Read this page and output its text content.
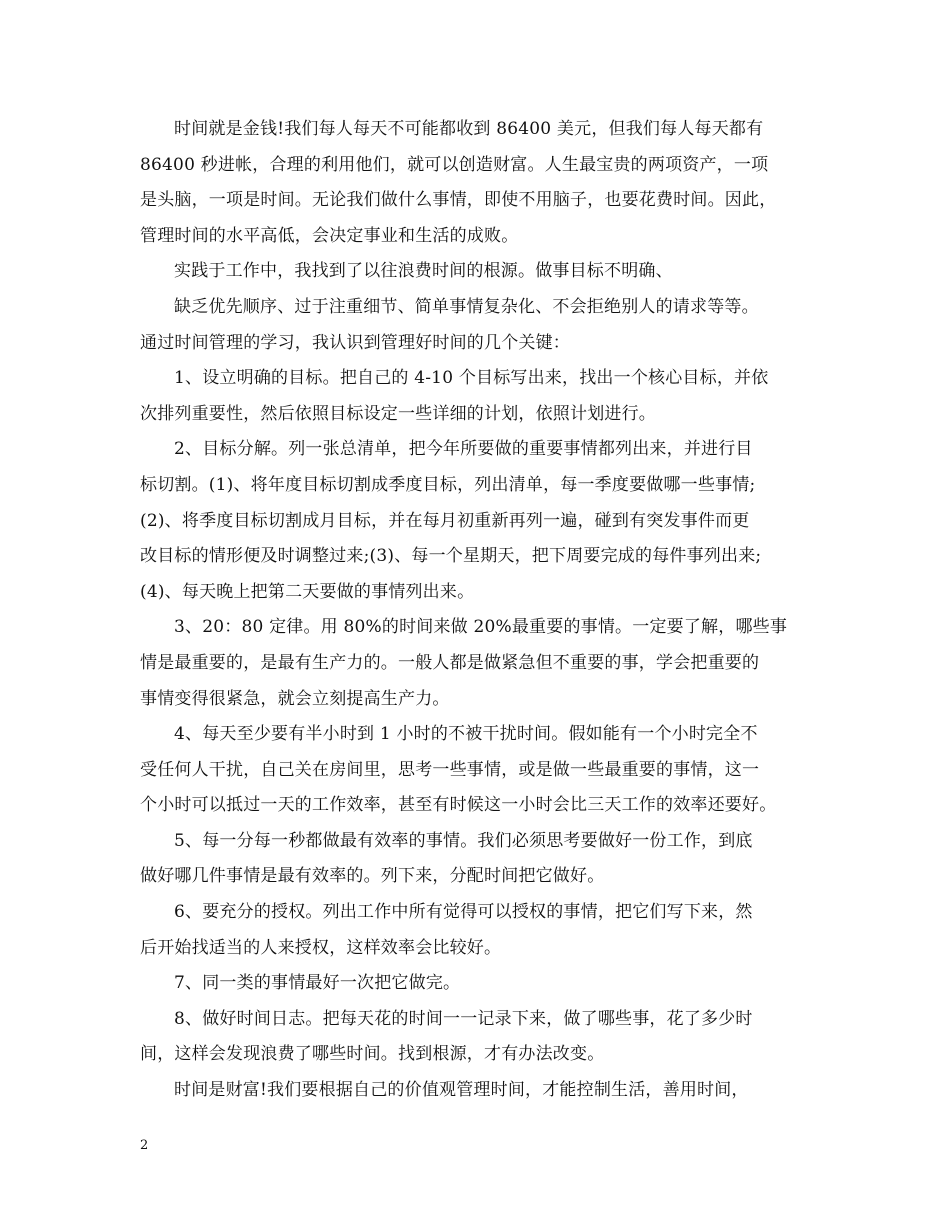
时间就是金钱!我们每人每天不可能都收到 86400 美元，但我们每人每天都有
86400 秒进帐，合理的利用他们，就可以创造财富。人生最宝贵的两项资产，一项
是头脑，一项是时间。无论我们做什么事情，即使不用脑子，也要花费时间。因此，
管理时间的水平高低，会决定事业和生活的成败。

实践于工作中，我找到了以往浪费时间的根源。做事目标不明确、

缺乏优先顺序、过于注重细节、简单事情复杂化、不会拒绝别人的请求等等。

通过时间管理的学习，我认识到管理好时间的几个关键：

1、设立明确的目标。把自己的 4-10 个目标写出来，找出一个核心目标，并依
次排列重要性，然后依照目标设定一些详细的计划，依照计划进行。

2、目标分解。列一张总清单，把今年所要做的重要事情都列出来，并进行目
标切割。(1)、将年度目标切割成季度目标，列出清单，每一季度要做哪一些事情;
(2)、将季度目标切割成月目标，并在每月初重新再列一遍，碰到有突发事件而更
改目标的情形便及时调整过来;(3)、每一个星期天，把下周要完成的每件事列出来;
(4)、每天晚上把第二天要做的事情列出来。

3、20：80 定律。用 80%的时间来做 20%最重要的事情。一定要了解，哪些事
情是最重要的，是最有生产力的。一般人都是做紧急但不重要的事，学会把重要的
事情变得很紧急，就会立刻提高生产力。

4、每天至少要有半小时到 1 小时的不被干扰时间。假如能有一个小时完全不
受任何人干扰，自己关在房间里，思考一些事情，或是做一些最重要的事情，这一
个小时可以抵过一天的工作效率，甚至有时候这一小时会比三天工作的效率还要好。

5、每一分每一秒都做最有效率的事情。我们必须思考要做好一份工作，到底
做好哪几件事情是最有效率的。列下来，分配时间把它做好。

6、要充分的授权。列出工作中所有觉得可以授权的事情，把它们写下来，然
后开始找适当的人来授权，这样效率会比较好。

7、同一类的事情最好一次把它做完。

8、做好时间日志。把每天花的时间一一记录下来，做了哪些事，花了多少时
间，这样会发现浪费了哪些时间。找到根源，才有办法改变。

时间是财富!我们要根据自己的价值观管理时间，才能控制生活，善用时间，

2
